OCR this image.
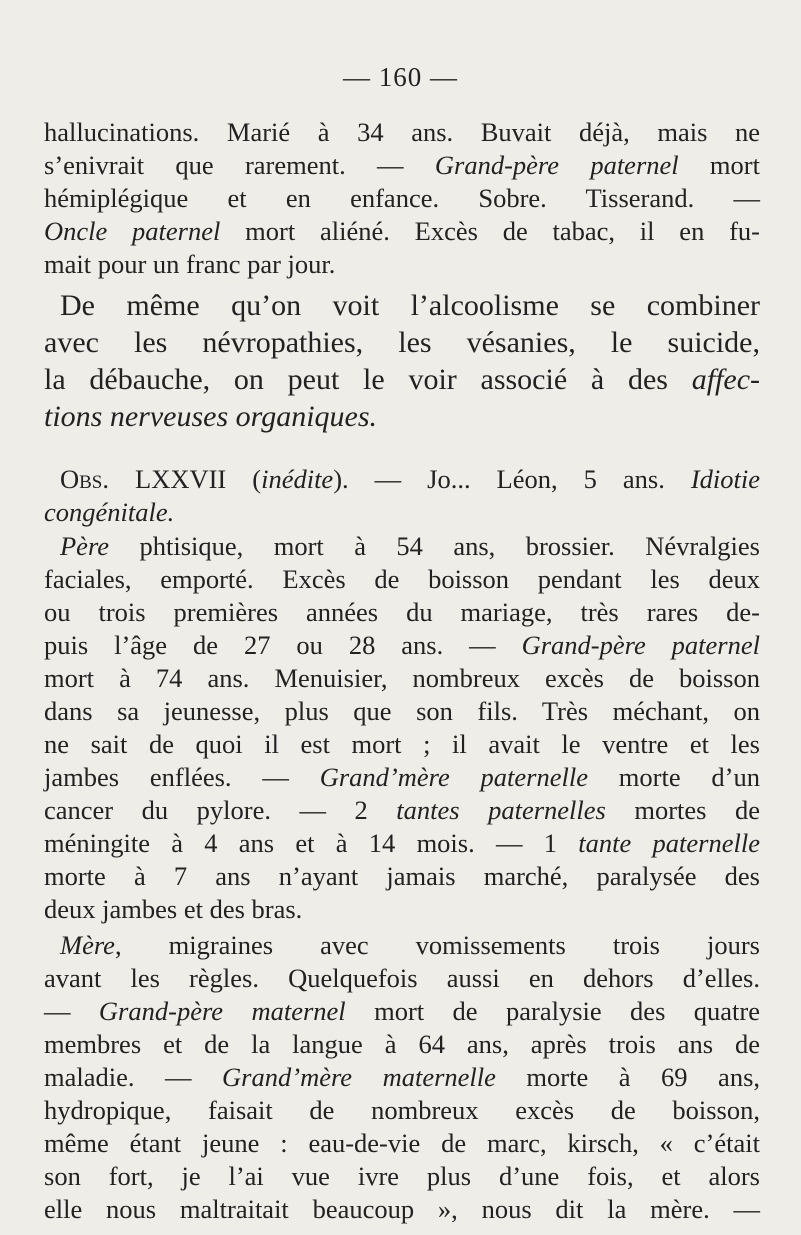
— 160 —
hallucinations. Marié à 34 ans. Buvait déjà, mais ne
s’enivrait que rarement. — Grand-père paternel mort
hémiplégique et en enfance. Sobre. Tisserand. —
Oncle paternel mort aliéné. Excès de tabac, il en fu-
mait pour un franc par jour.
De même qu’on voit l’alcoolisme se combiner
avec les névropathies, les vésanies, le suicide,
la débauche, on peut le voir associé à des affec-
tions nerveuses organiques.
Obs. LXXVII (inédite). — Jo... Léon, 5 ans. Idiotie
congénitale.
Père phtisique, mort à 54 ans, brossier. Névralgies
faciales, emporté. Excès de boisson pendant les deux
ou trois premières années du mariage, très rares de-
puis l’âge de 27 ou 28 ans. — Grand-père paternel
mort à 74 ans. Menuisier, nombreux excès de boisson
dans sa jeunesse, plus que son fils. Très méchant, on
ne sait de quoi il est mort ; il avait le ventre et les
jambes enflées. — Grand’mère paternelle morte d’un
cancer du pylore. — 2 tantes paternelles mortes de
méningite à 4 ans et à 14 mois. — 1 tante paternelle
morte à 7 ans n’ayant jamais marché, paralysée des
deux jambes et des bras.
Mère, migraines avec vomissements trois jours
avant les règles. Quelquefois aussi en dehors d’elles.
— Grand-père maternel mort de paralysie des quatre
membres et de la langue à 64 ans, après trois ans de
maladie. — Grand’mère maternelle morte à 69 ans,
hydropique, faisait de nombreux excès de boisson,
même étant jeune : eau-de-vie de marc, kirsch, « c’était
son fort, je l’ai vue ivre plus d’une fois, et alors
elle nous maltraitait beaucoup », nous dit la mère. —
